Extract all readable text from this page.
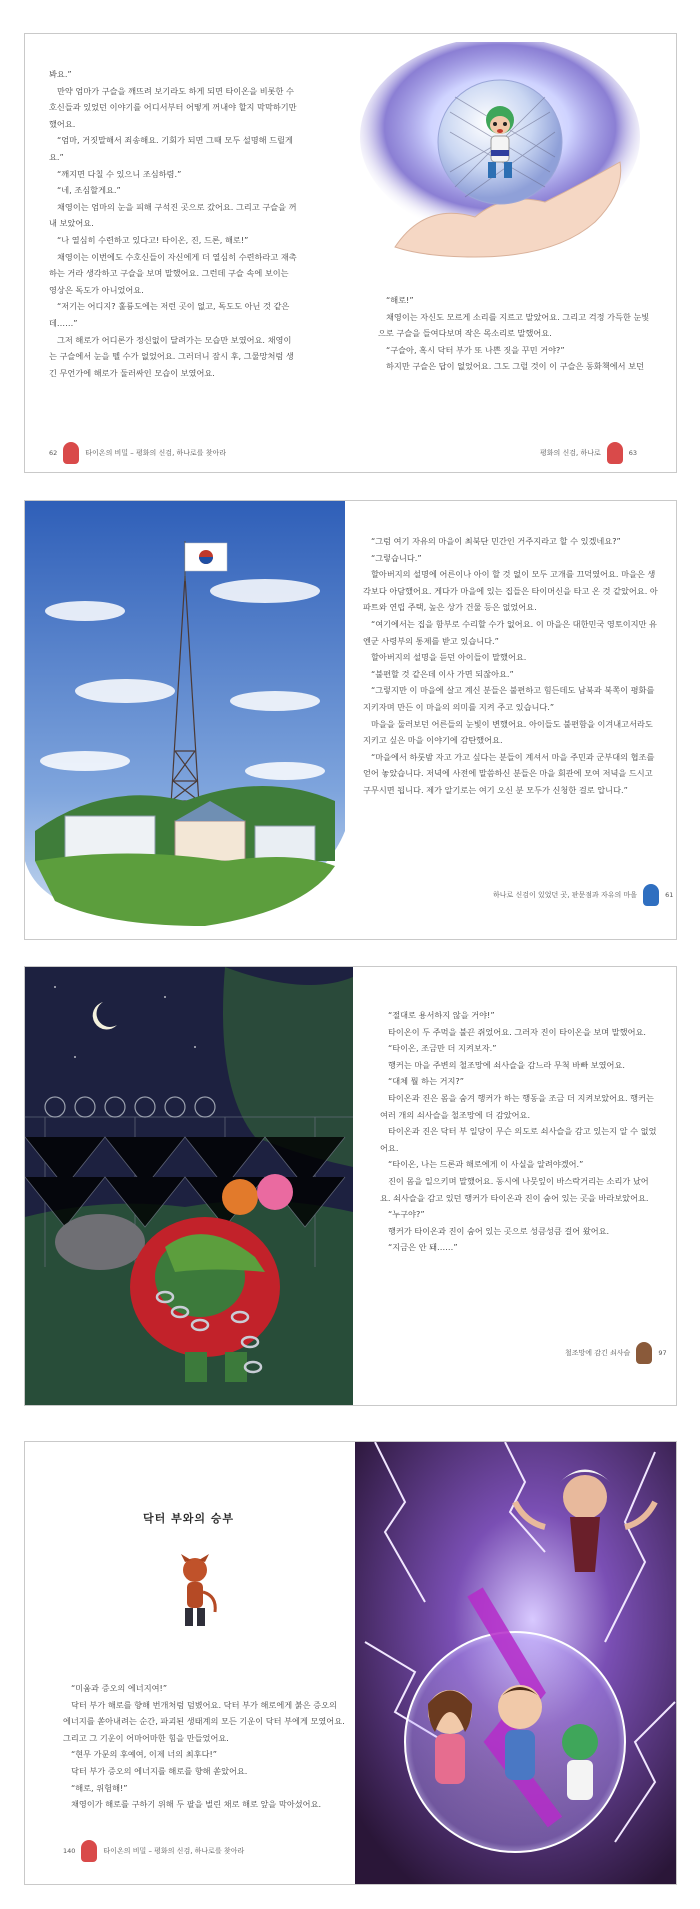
봐요.”

만약 엄마가 구슬을 깨뜨려 보기라도 하게 되면 타이온을 비롯한 수호신들과 있었던 이야기를 어디서부터 어떻게 꺼내야 할지 막막하기만 했어요.

“엄마, 거짓말해서 죄송해요. 기회가 되면 그때 모두 설명해 드릴게요.”

“깨지면 다칠 수 있으니 조심하렴.”

“네, 조심할게요.”

채영이는 엄마의 눈을 피해 구석진 곳으로 갔어요. 그리고 구슬을 꺼내 보았어요.

“나 열심히 수련하고 있다고! 타이온, 진, 드론, 해로!”

채영이는 이번에도 수호신들이 자신에게 더 열심히 수련하라고 재촉하는 거라 생각하고 구슬을 보며 말했어요. 그런데 구슬 속에 보이는 영상은 독도가 아니었어요.

“저기는 어디지? 훌륭도에는 저런 곳이 없고, 독도도 아닌 것 같은데……”

그저 해로가 어디론가 정신없이 달려가는 모습만 보였어요. 채영이는 구슬에서 눈을 뗄 수가 없었어요. 그러더니 잠시 후, 그물망처럼 생긴 무언가에 해로가 둘러싸인 모습이 보였어요.

“해로!”

채영이는 자신도 모르게 소리를 지르고 말았어요. 그리고 걱정 가득한 눈빛으로 구슬을 들여다보며 작은 목소리로 말했어요.

“구슬아, 혹시 닥터 부가 또 나쁜 짓을 꾸민 거야?”

하지만 구슬은 답이 없었어요. 그도 그럴 것이 이 구슬은 동화책에서 보던

62	타이온의 비밀 – 평화의 신검, 하나로를 찾아라	평화의 신검, 하나로	63

“그럼 여기 자유의 마을이 최북단 민간인 거주지라고 할 수 있겠네요?”

“그렇습니다.”

할아버지의 설명에 어른이나 아이 할 것 없이 모두 고개를 끄덕였어요. 마을은 생각보다 아담했어요. 게다가 마을에 있는 집들은 타이머신을 타고 온 것 같았어요. 아파트와 연립 주택, 높은 상가 건물 등은 없었어요.

“여기에서는 집을 함부로 수리할 수가 없어요. 이 마을은 대한민국 영토이지만 유엔군 사령부의 통제를 받고 있습니다.”

할아버지의 설명을 듣던 아이들이 말했어요.

“불편할 것 같은데 이사 가면 되잖아요.”

“그렇지만 이 마을에 살고 계신 분들은 불편하고 힘든데도 남북과 북쪽이 평화를 지키자며 만든 이 마을의 의미를 지켜 주고 있습니다.”

마을을 둘러보던 어른들의 눈빛이 변했어요. 아이들도 불편함을 이겨내고서라도 지키고 싶은 마을 이야기에 감탄했어요.

“마을에서 하룻밤 자고 가고 싶다는 분들이 계셔서 마을 주민과 군부대의 협조를 얻어 놓았습니다. 저녁에 사전에 말씀하신 분들은 마을 회관에 모여 저녁을 드시고 구무시면 됩니다. 제가 알기로는 여기 오신 분 모두가 신청한 걸로 압니다.”

하나로 신검이 있었던 곳, 판문점과 자유의 마을	61

“절대로 용서하지 않을 거야!”

타이온이 두 주먹을 불끈 쥐었어요. 그러자 진이 타이온을 보며 말했어요.

“타이온, 조금만 더 지켜보자.”

행커는 마을 주변의 철조망에 쇠사슬을 감느라 무척 바빠 보였어요.

“대체 뭘 하는 거지?”

타이온과 진은 몸을 숨겨 행커가 하는 행동을 조금 더 지켜보았어요. 행커는 여러 개의 쇠사슬을 철조망에 더 감았어요.

타이온과 진은 닥터 부 일당이 무슨 의도로 쇠사슬을 감고 있는지 알 수 없었어요.

“타이온, 나는 드론과 해로에게 이 사실을 알려야겠어.”

진이 몸을 일으키며 말했어요. 동시에 나뭇잎이 바스락거리는 소리가 났어요. 쇠사슬을 감고 있던 행커가 타이온과 진이 숨어 있는 곳을 바라보았어요.

“누구야?”

행커가 타이온과 진이 숨어 있는 곳으로 성큼성큼 걸어 왔어요.

“지금은 안 돼……”

철조망에 감긴 쇠사슬	97
닥터 부와의 승부

“미움과 증오의 에너지여!”

닥터 부가 해로를 향해 번개처럼 덤볐어요. 닥터 부가 해로에게 붉은 증오의 에너지를 쏟아내려는 순간, 파괴된 생태계의 모든 기운이 닥터 부에게 모였어요. 그리고 그 기운이 어마어마한 힘을 만들었어요.

“현무 가문의 후예여, 이제 너의 최후다!”

닥터 부가 증오의 에너지를 해로를 향해 쏟았어요.

“해로, 위험해!”

채영이가 해로를 구하기 위해 두 팔을 벌린 채로 해로 앞을 막아섰어요.

140	타이온의 비밀 – 평화의 신검, 하나로를 찾아라
